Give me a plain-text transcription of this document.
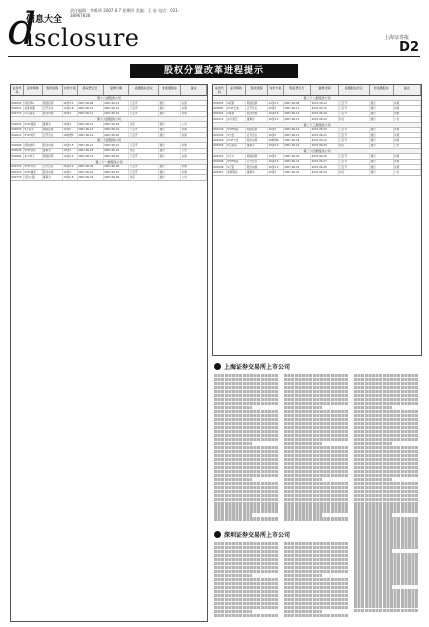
d
信息大全
isclosure
责任编辑：李维珍 2007.6.7 星期四 美编：王 星 电话：021-38967838
上海证券报
D2
股权分置改革进程提示
证券代码
证券简称	股改进程	对价方案	股权登记日	复牌日期	流通股东会议	非流通股东	备注
第十八批股改公司
000045	深纺织A	网络投票	10送3.5	2007-06-08	2007-06-12	已召开	通过	实施
000521	美菱电器	召开会议	10送2.8	2007-06-10	2007-06-14	已召开	通过	实施
000715	中兴商业	股改实施	10送3	2007-06-11	2007-06-15	已召开	通过	实施
第十九批股改公司
000030	S*ST盛润	董事会	10送3	2007-06-12	2007-06-18	待定	通过	公告
000533	S万家乐	网络投票	10送2	2007-06-13	2007-06-19	已召开	通过	实施
000611	S*ST时代	召开会议	10转增5	2007-06-14	2007-06-20	已召开	通过	实施
第二十批股改公司
000666	经纬纺机	股改实施	10送2.5	2007-06-15	2007-06-21	已召开	通过	实施
000676	S*ST思达	董事会	10送3	2007-06-18	2007-06-22	待定	通过	公告
000682	东方电子	网络投票	10送2.2	2007-06-19	2007-06-25	已召开	通过	实施
第二十一批股改公司
000703	S*ST光华	召开会议	10送3.2	2007-06-20	2007-06-26	已召开	通过	实施
000719	S*ST鑫安	股改实施	10送2	2007-06-21	2007-06-27	已召开	通过	实施
000776	延边公路	董事会	10送2.6	2007-06-22	2007-06-28	待定	通过	公告
证券代码
证券简称	股改进程	对价方案	股权登记日	复牌日期	流通股东会议	非流通股东	备注
第二十二批股改公司
600005	S武钢	网络投票	10送2.5	2007-06-08	2007-06-12	已召开	通过	实施
600087	S*ST长油	召开会议	10送3	2007-06-11	2007-06-15	已召开	通过	实施
600102	S莱钢	股改实施	10送2.8	2007-06-12	2007-06-18	已召开	通过	实施
600115	东方航空	董事会	10送3.2	2007-06-13	2007-06-19	待定	通过	公告
第二十三批股改公司
600139	S*ST绵高	网络投票	10送2	2007-06-14	2007-06-20	已召开	通过	实施
600165	S宁窑	召开会议	10送3	2007-06-15	2007-06-21	已召开	通过	实施
600180	S*ST九发	股改实施	10转增6	2007-06-18	2007-06-22	已召开	通过	实施
600205	S山东铝	董事会	10送2.4	2007-06-19	2007-06-25	待定	通过	公告
第二十四批股改公司
600253	S天方	网络投票	10送3	2007-06-20	2007-06-26	已召开	通过	实施
600286	S*ST国瓷	召开会议	10送2.6	2007-06-21	2007-06-27	已召开	通过	实施
600296	S兰铝	股改实施	10送2.2	2007-06-22	2007-06-28	已召开	通过	实施
600357	承德钒钛	董事会	10送3	2007-06-25	2007-06-29	待定	通过	公告
上海证券交易所上市公司
深圳证券交易所上市公司
